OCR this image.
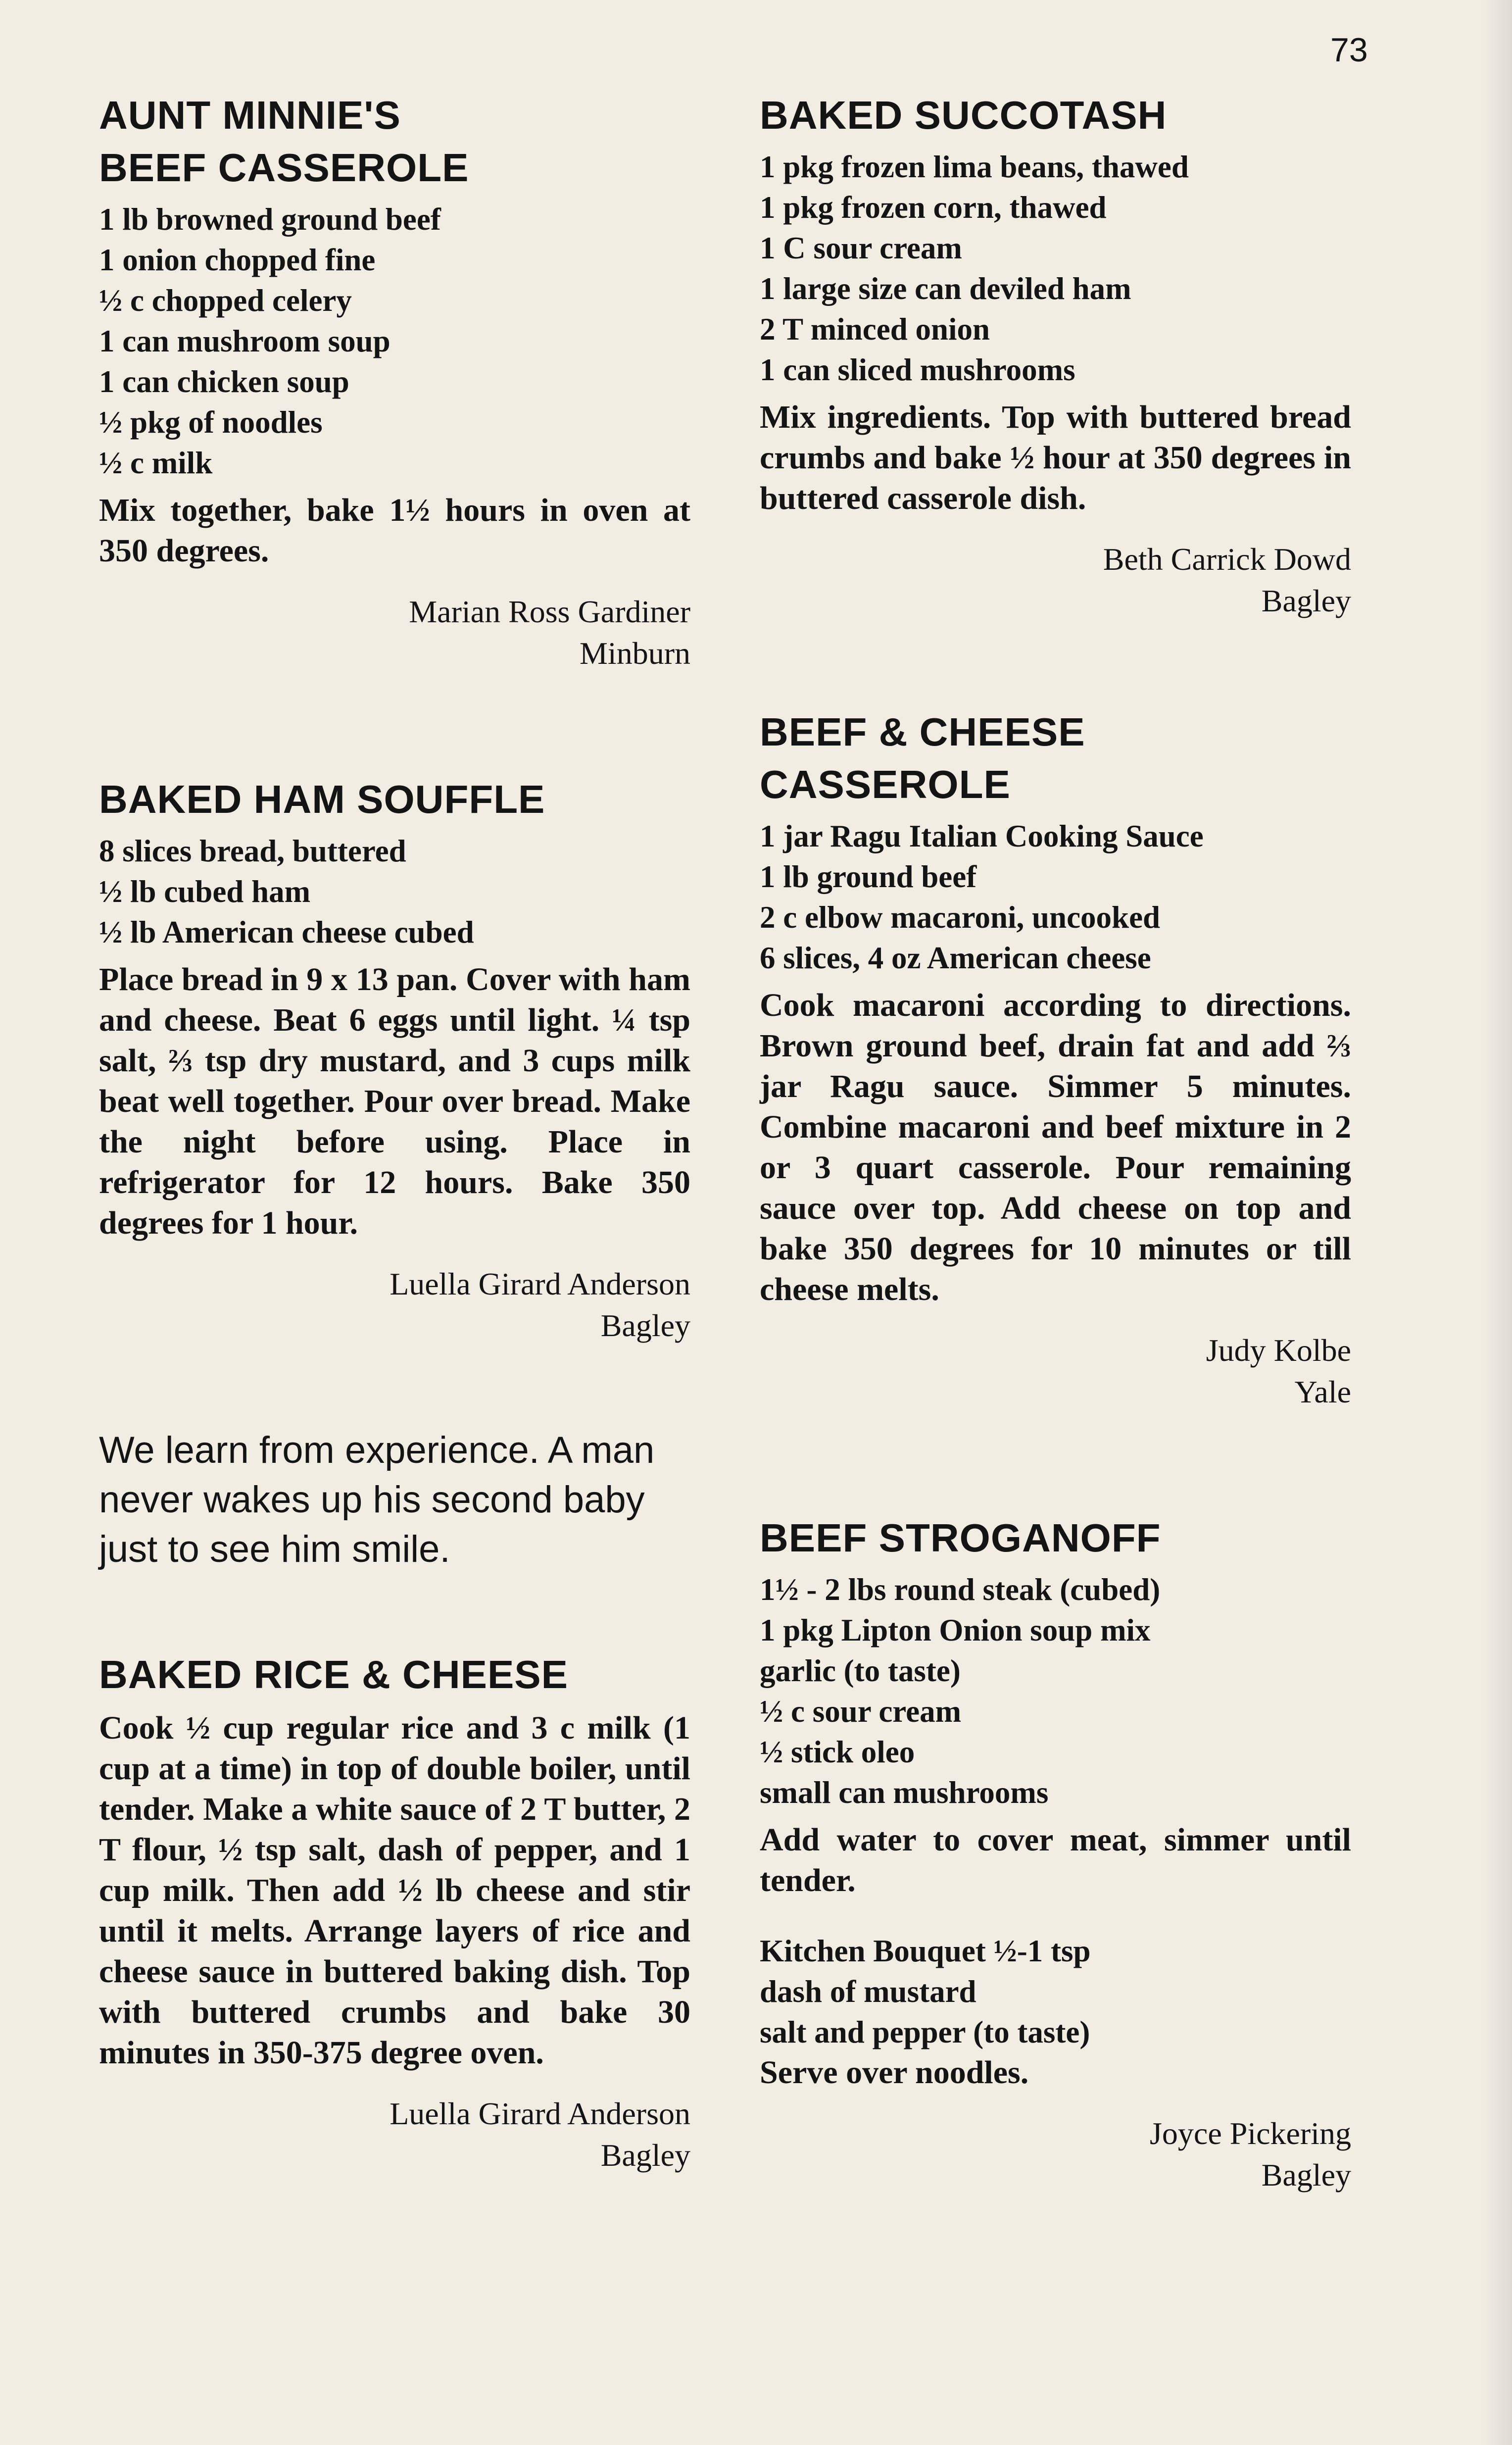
73
AUNT MINNIE'S
BEEF CASSEROLE
1 lb browned ground beef
1 onion chopped fine
½ c chopped celery
1 can mushroom soup
1 can chicken soup
½ pkg of noodles
½ c milk

Mix together, bake 1½ hours in oven at 350 degrees.

Marian Ross Gardiner
Minburn
BAKED HAM SOUFFLE
8 slices bread, buttered
½ lb cubed ham
½ lb American cheese cubed

Place bread in 9 x 13 pan. Cover with ham and cheese. Beat 6 eggs until light. ¼ tsp salt, ⅔ tsp dry mustard, and 3 cups milk beat well together. Pour over bread. Make the night before using. Place in refrigerator for 12 hours. Bake 350 degrees for 1 hour.

Luella Girard Anderson
Bagley

We learn from experience. A man never wakes up his second baby just to see him smile.

BAKED RICE & CHEESE

Cook ½ cup regular rice and 3 c milk (1 cup at a time) in top of double boiler, until tender. Make a white sauce of 2 T butter, 2 T flour, ½ tsp salt, dash of pepper, and 1 cup milk. Then add ½ lb cheese and stir until it melts. Arrange layers of rice and cheese sauce in buttered baking dish. Top with buttered crumbs and bake 30 minutes in 350-375 degree oven.

Luella Girard Anderson
Bagley
BAKED SUCCOTASH
1 pkg frozen lima beans, thawed
1 pkg frozen corn, thawed
1 C sour cream
1 large size can deviled ham
2 T minced onion
1 can sliced mushrooms

Mix ingredients. Top with buttered bread crumbs and bake ½ hour at 350 degrees in buttered casserole dish.

Beth Carrick Dowd
Bagley
BEEF & CHEESE
CASSEROLE
1 jar Ragu Italian Cooking Sauce
1 lb ground beef
2 c elbow macaroni, uncooked
6 slices, 4 oz American cheese

Cook macaroni according to directions. Brown ground beef, drain fat and add ⅔ jar Ragu sauce. Simmer 5 minutes. Combine macaroni and beef mixture in 2 or 3 quart casserole. Pour remaining sauce over top. Add cheese on top and bake 350 degrees for 10 minutes or till cheese melts.

Judy Kolbe
Yale
BEEF STROGANOFF
1½ - 2 lbs round steak (cubed)
1 pkg Lipton Onion soup mix
garlic (to taste)
½ c sour cream
½ stick oleo
small can mushrooms

Add water to cover meat, simmer until tender.

Kitchen Bouquet ½-1 tsp
dash of mustard
salt and pepper (to taste)

Serve over noodles.

Joyce Pickering
Bagley
